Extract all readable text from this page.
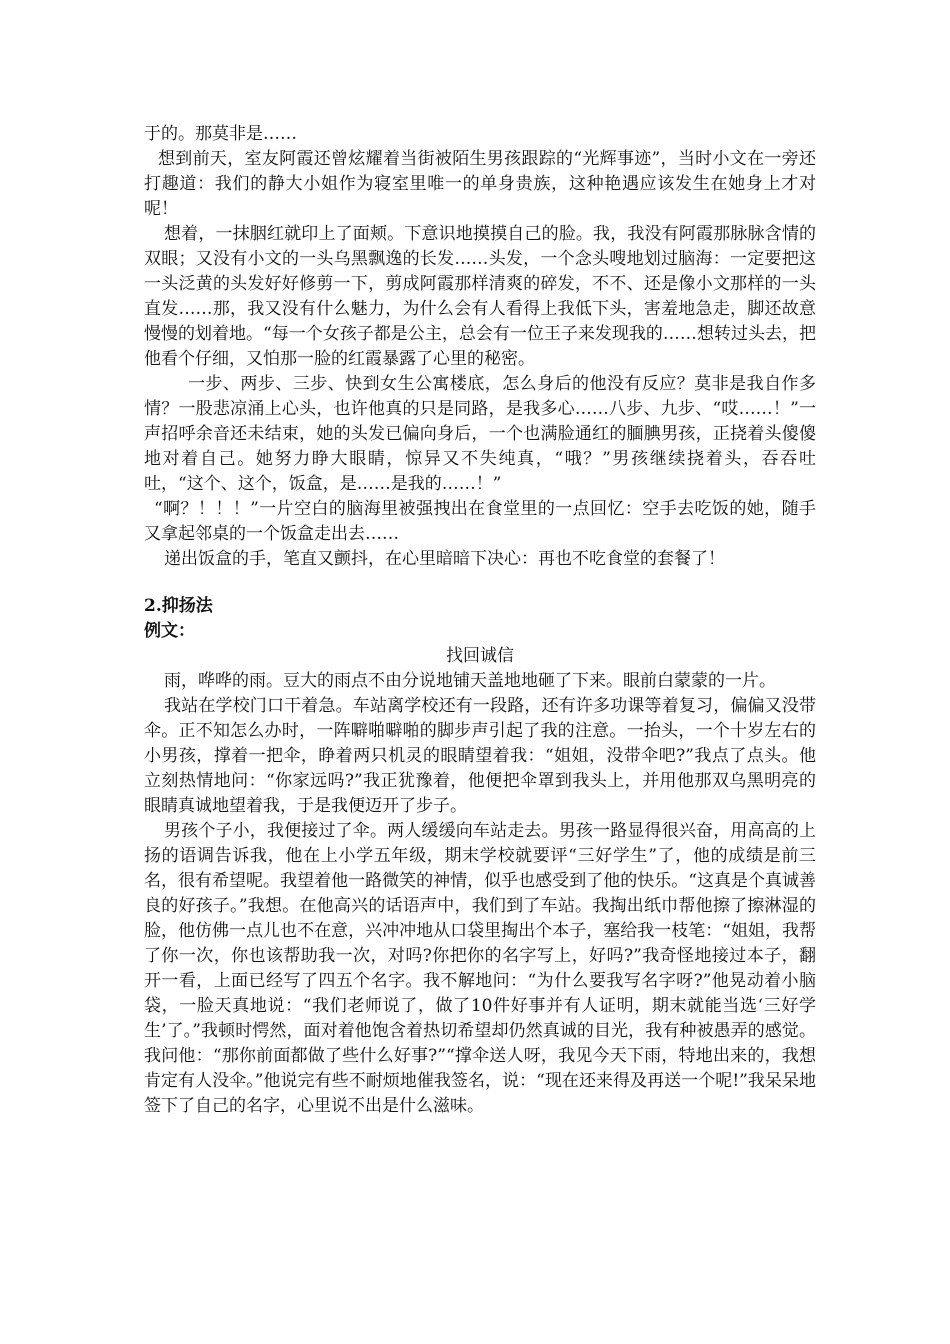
于的。那莫非是……

想到前天，室友阿霞还曾炫耀着当街被陌生男孩跟踪的“光辉事迹”，当时小文在一旁还打趣道：我们的静大小姐作为寝室里唯一的单身贵族，这种艳遇应该发生在她身上才对呢！

想着，一抹胭红就印上了面颊。下意识地摸摸自己的脸。我，我没有阿霞那脉脉含情的双眼；又没有小文的一头乌黑飘逸的长发……头发，一个念头嗖地划过脑海：一定要把这一头泛黄的头发好好修剪一下，剪成阿霞那样清爽的碎发，不不、还是像小文那样的一头直发……那，我又没有什么魅力，为什么会有人看得上我低下头，害羞地急走，脚还故意慢慢的划着地。“每一个女孩子都是公主，总会有一位王子来发现我的……想转过头去，把他看个仔细，又怕那一脸的红霞暴露了心里的秘密。

一步、两步、三步、快到女生公寓楼底，怎么身后的他没有反应？莫非是我自作多情？一股悲凉涌上心头，也许他真的只是同路，是我多心……八步、九步、“哎……！”一声招呼余音还未结束，她的头发已偏向身后，一个也满脸通红的腼腆男孩，正挠着头傻傻地对着自己。她努力睁大眼睛，惊异又不失纯真，“哦？”男孩继续挠着头，吞吞吐吐，“这个、这个，饭盒，是……是我的……！”

“啊？！！！”一片空白的脑海里被强拽出在食堂里的一点回忆：空手去吃饭的她，随手又拿起邻桌的一个饭盒走出去……

递出饭盒的手，笔直又颤抖，在心里暗暗下决心：再也不吃食堂的套餐了！

2.抑扬法

例文：

找回诚信

雨，哗哗的雨。豆大的雨点不由分说地铺天盖地地砸了下来。眼前白蒙蒙的一片。

我站在学校门口干着急。车站离学校还有一段路，还有许多功课等着复习，偏偏又没带伞。正不知怎么办时，一阵噼啪噼啪的脚步声引起了我的注意。一抬头，一个十岁左右的小男孩，撑着一把伞，睁着两只机灵的眼睛望着我：“姐姐，没带伞吧?”我点了点头。他立刻热情地问：“你家远吗?”我正犹豫着，他便把伞罩到我头上，并用他那双乌黑明亮的眼睛真诚地望着我，于是我便迈开了步子。

男孩个子小，我便接过了伞。两人缓缓向车站走去。男孩一路显得很兴奋，用高高的上扬的语调告诉我，他在上小学五年级，期末学校就要评“三好学生”了，他的成绩是前三名，很有希望呢。我望着他一路微笑的神情，似乎也感受到了他的快乐。“这真是个真诚善良的好孩子。”我想。在他高兴的话语声中，我们到了车站。我掏出纸巾帮他擦了擦淋湿的脸，他仿佛一点儿也不在意，兴冲冲地从口袋里掏出个本子，塞给我一枝笔：“姐姐，我帮了你一次，你也该帮助我一次，对吗?你把你的名字写上，好吗?”我奇怪地接过本子，翻开一看，上面已经写了四五个名字。我不解地问：“为什么要我写名字呀?”他晃动着小脑袋，一脸天真地说：“我们老师说了，做了10件好事并有人证明，期末就能当选‘三好学生’了。”我顿时愕然，面对着他饱含着热切希望却仍然真诚的目光，我有种被愚弄的感觉。我问他：“那你前面都做了些什么好事?”“撑伞送人呀，我见今天下雨，特地出来的，我想肯定有人没伞。”他说完有些不耐烦地催我签名，说：“现在还来得及再送一个呢!”我呆呆地签下了自己的名字，心里说不出是什么滋味。
